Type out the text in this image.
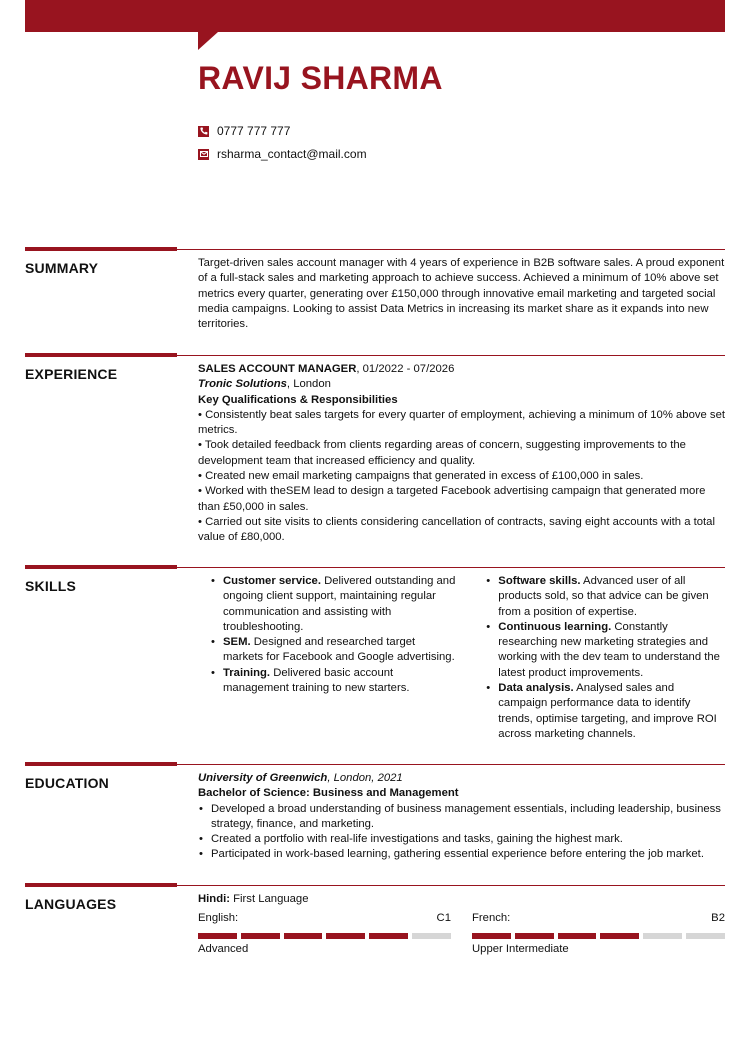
RAVIJ SHARMA
0777 777 777
rsharma_contact@mail.com
SUMMARY	Target-driven sales account manager with 4 years of experience in B2B software sales. A proud exponent of a full-stack sales and marketing approach to achieve success. Achieved a minimum of 10% above set metrics every quarter, generating over £150,000 through innovative email marketing and targeted social media campaigns. Looking to assist Data Metrics in increasing its market share as it expands into new territories.

EXPERIENCE	SALES ACCOUNT MANAGER, 01/2022 - 07/2026

Tronic Solutions, London

Key Qualifications & Responsibilities

• Consistently beat sales targets for every quarter of employment, achieving a minimum of 10% above set metrics.

• Took detailed feedback from clients regarding areas of concern, suggesting improvements to the development team that increased efficiency and quality.

• Created new email marketing campaigns that generated in excess of £100,000 in sales.

• Worked with theSEM lead to design a targeted Facebook advertising campaign that generated more than £50,000 in sales.

• Carried out site visits to clients considering cancellation of contracts, saving eight accounts with a total value of £80,000.

SKILLS
•	Customer service. Delivered outstanding and ongoing client support, maintaining regular communication and assisting with troubleshooting.
• SEM. Designed and researched target markets for Facebook and Google advertising.
• Training. Delivered basic account management training to new starters.
• Software skills. Advanced user of all products sold, so that advice can be given from a position of expertise.
• Continuous learning. Constantly researching new marketing strategies and working with the dev team to understand the latest product improvements.
• Data analysis. Analysed sales and campaign performance data to identify trends, optimise targeting, and improve ROI across marketing channels.
EDUCATION	University of Greenwich, London, 2021

Bachelor of Science: Business and Management

• Developed a broad understanding of business management essentials, including leadership, business strategy, finance, and marketing.
• Created a portfolio with real-life investigations and tasks, gaining the highest mark.
• Participated in work-based learning, gathering essential experience before entering the job market.
LANGUAGES	Hindi: First Language

English:	C1
Advanced
French:	B2
Upper Intermediate
